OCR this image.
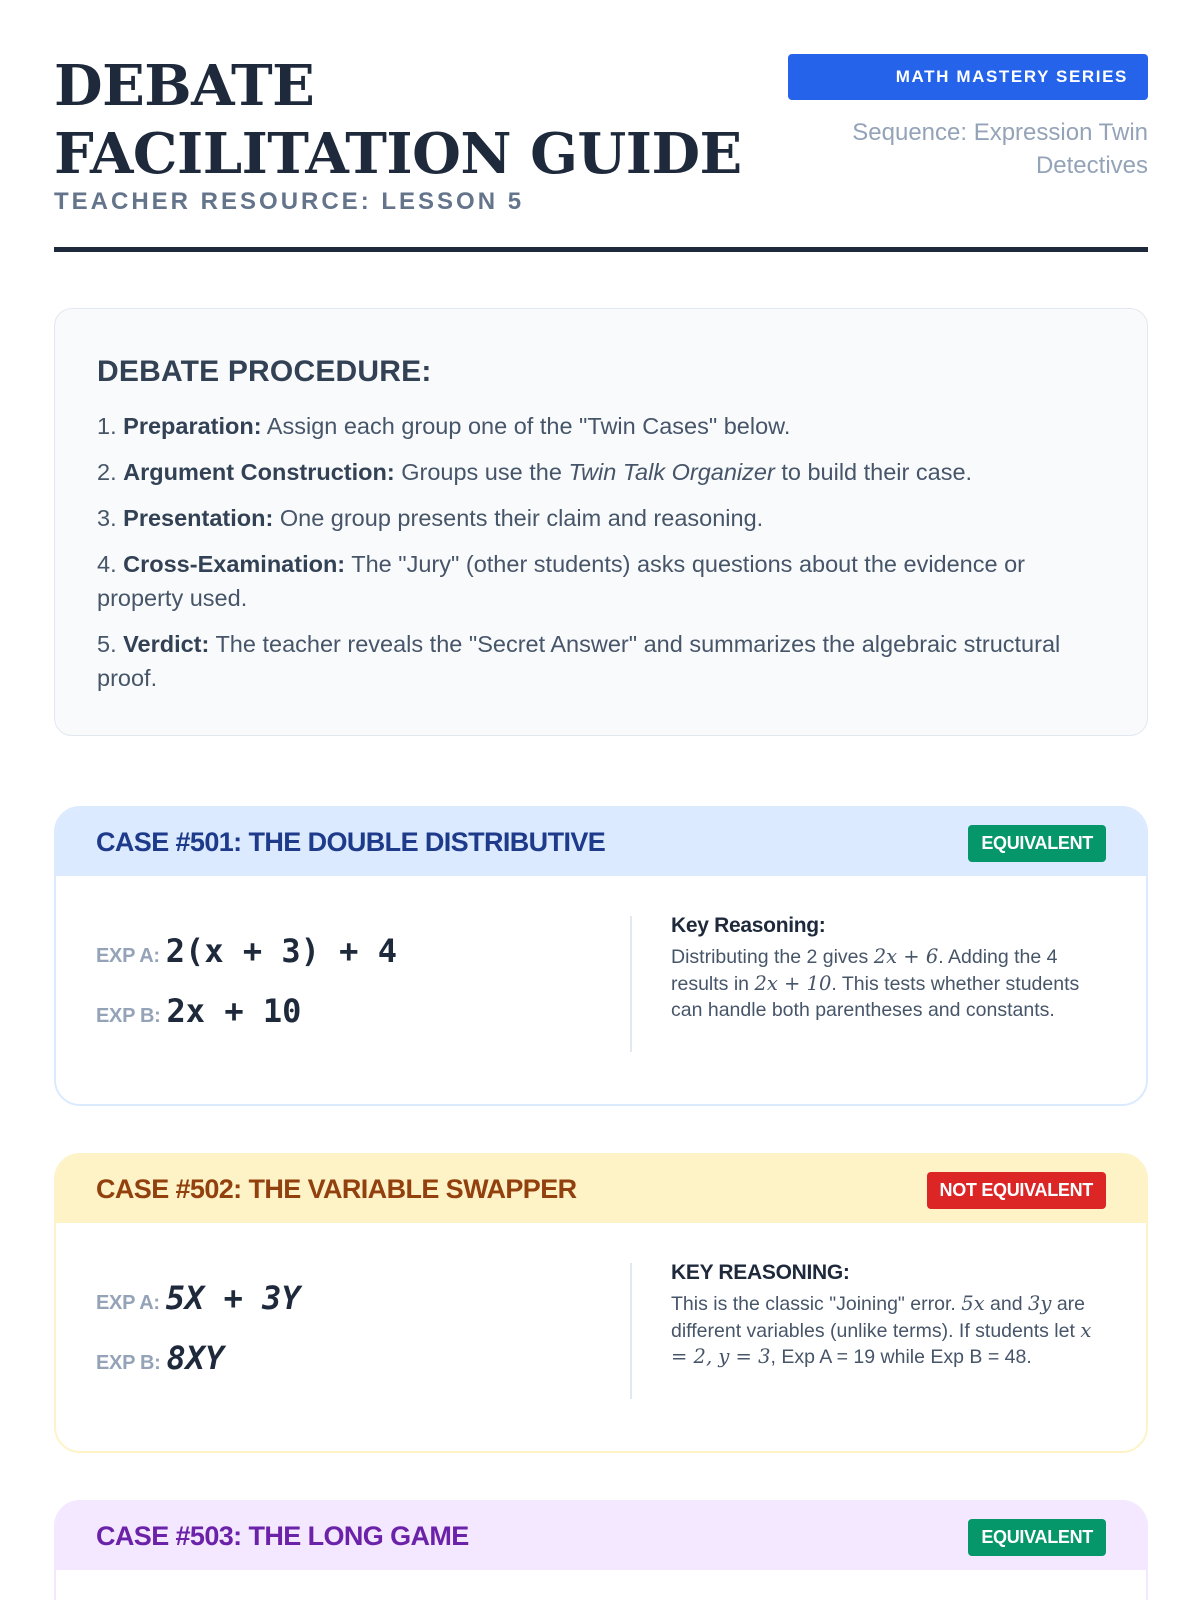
DEBATE FACILITATION GUIDE
TEACHER RESOURCE: LESSON 5
MATH MASTERY SERIES
Sequence: Expression Twin Detectives
DEBATE PROCEDURE:
1. Preparation: Assign each group one of the "Twin Cases" below.
2. Argument Construction: Groups use the Twin Talk Organizer to build their case.
3. Presentation: One group presents their claim and reasoning.
4. Cross-Examination: The "Jury" (other students) asks questions about the evidence or property used.
5. Verdict: The teacher reveals the "Secret Answer" and summarizes the algebraic structural proof.
CASE #501: THE DOUBLE DISTRIBUTIVE	EQUIVALENT
EXP A: 2(x + 3) + 4
EXP B: 2x + 10
Key Reasoning:

Distributing the 2 gives 2x + 6. Adding the 4 results in 2x + 10. This tests whether students can handle both parentheses and constants.

CASE #502: THE VARIABLE SWAPPER	NOT EQUIVALENT
EXP A: 5X + 3Y
EXP B: 8XY
KEY REASONING:

This is the classic "Joining" error. 5x and 3y are different variables (unlike terms). If students let x = 2, y = 3, Exp A = 19 while Exp B = 48.

CASE #503: THE LONG GAME	EQUIVALENT
